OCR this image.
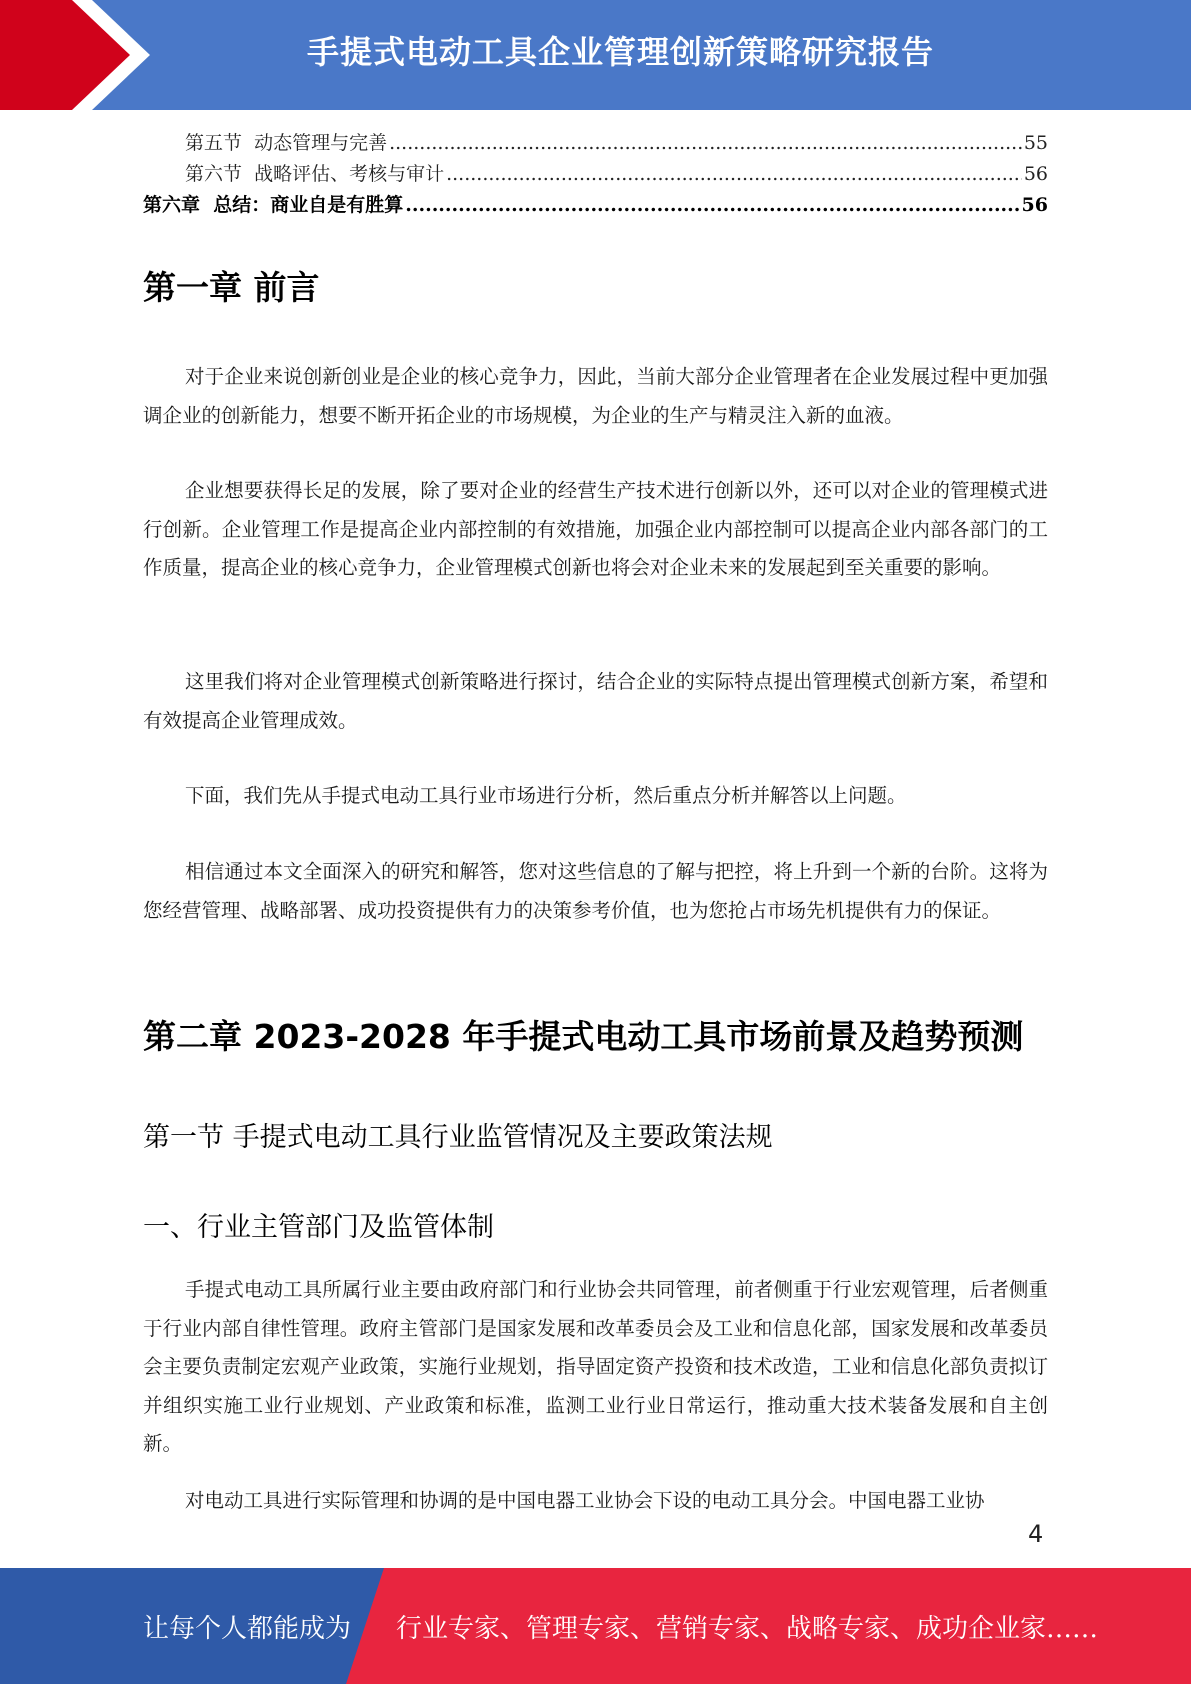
手提式电动工具企业管理创新策略研究报告
第五节  动态管理与完善 .....	55
第六节  战略评估、考核与审计 .....	56
第六章  总结：商业自是有胜算 .....	56
第一章 前言

对于企业来说创新创业是企业的核心竞争力，因此，当前大部分企业管理者在企业发展过程中更加强调企业的创新能力，想要不断开拓企业的市场规模，为企业的生产与精灵注入新的血液。

企业想要获得长足的发展，除了要对企业的经营生产技术进行创新以外，还可以对企业的管理模式进行创新。企业管理工作是提高企业内部控制的有效措施，加强企业内部控制可以提高企业内部各部门的工作质量，提高企业的核心竞争力，企业管理模式创新也将会对企业未来的发展起到至关重要的影响。

这里我们将对企业管理模式创新策略进行探讨，结合企业的实际特点提出管理模式创新方案，希望和有效提高企业管理成效。

下面，我们先从手提式电动工具行业市场进行分析，然后重点分析并解答以上问题。

相信通过本文全面深入的研究和解答，您对这些信息的了解与把控，将上升到一个新的台阶。这将为您经营管理、战略部署、成功投资提供有力的决策参考价值，也为您抢占市场先机提供有力的保证。

第二章 2023-2028 年手提式电动工具市场前景及趋势预测
第一节 手提式电动工具行业监管情况及主要政策法规
一、行业主管部门及监管体制

手提式电动工具所属行业主要由政府部门和行业协会共同管理，前者侧重于行业宏观管理，后者侧重于行业内部自律性管理。政府主管部门是国家发展和改革委员会及工业和信息化部，国家发展和改革委员会主要负责制定宏观产业政策，实施行业规划，指导固定资产投资和技术改造，工业和信息化部负责拟订并组织实施工业行业规划、产业政策和标准，监测工业行业日常运行，推动重大技术装备发展和自主创新。

对电动工具进行实际管理和协调的是中国电器工业协会下设的电动工具分会。中国电器工业协

4
让每个人都能成为 行业专家、管理专家、营销专家、战略专家、成功企业家……
